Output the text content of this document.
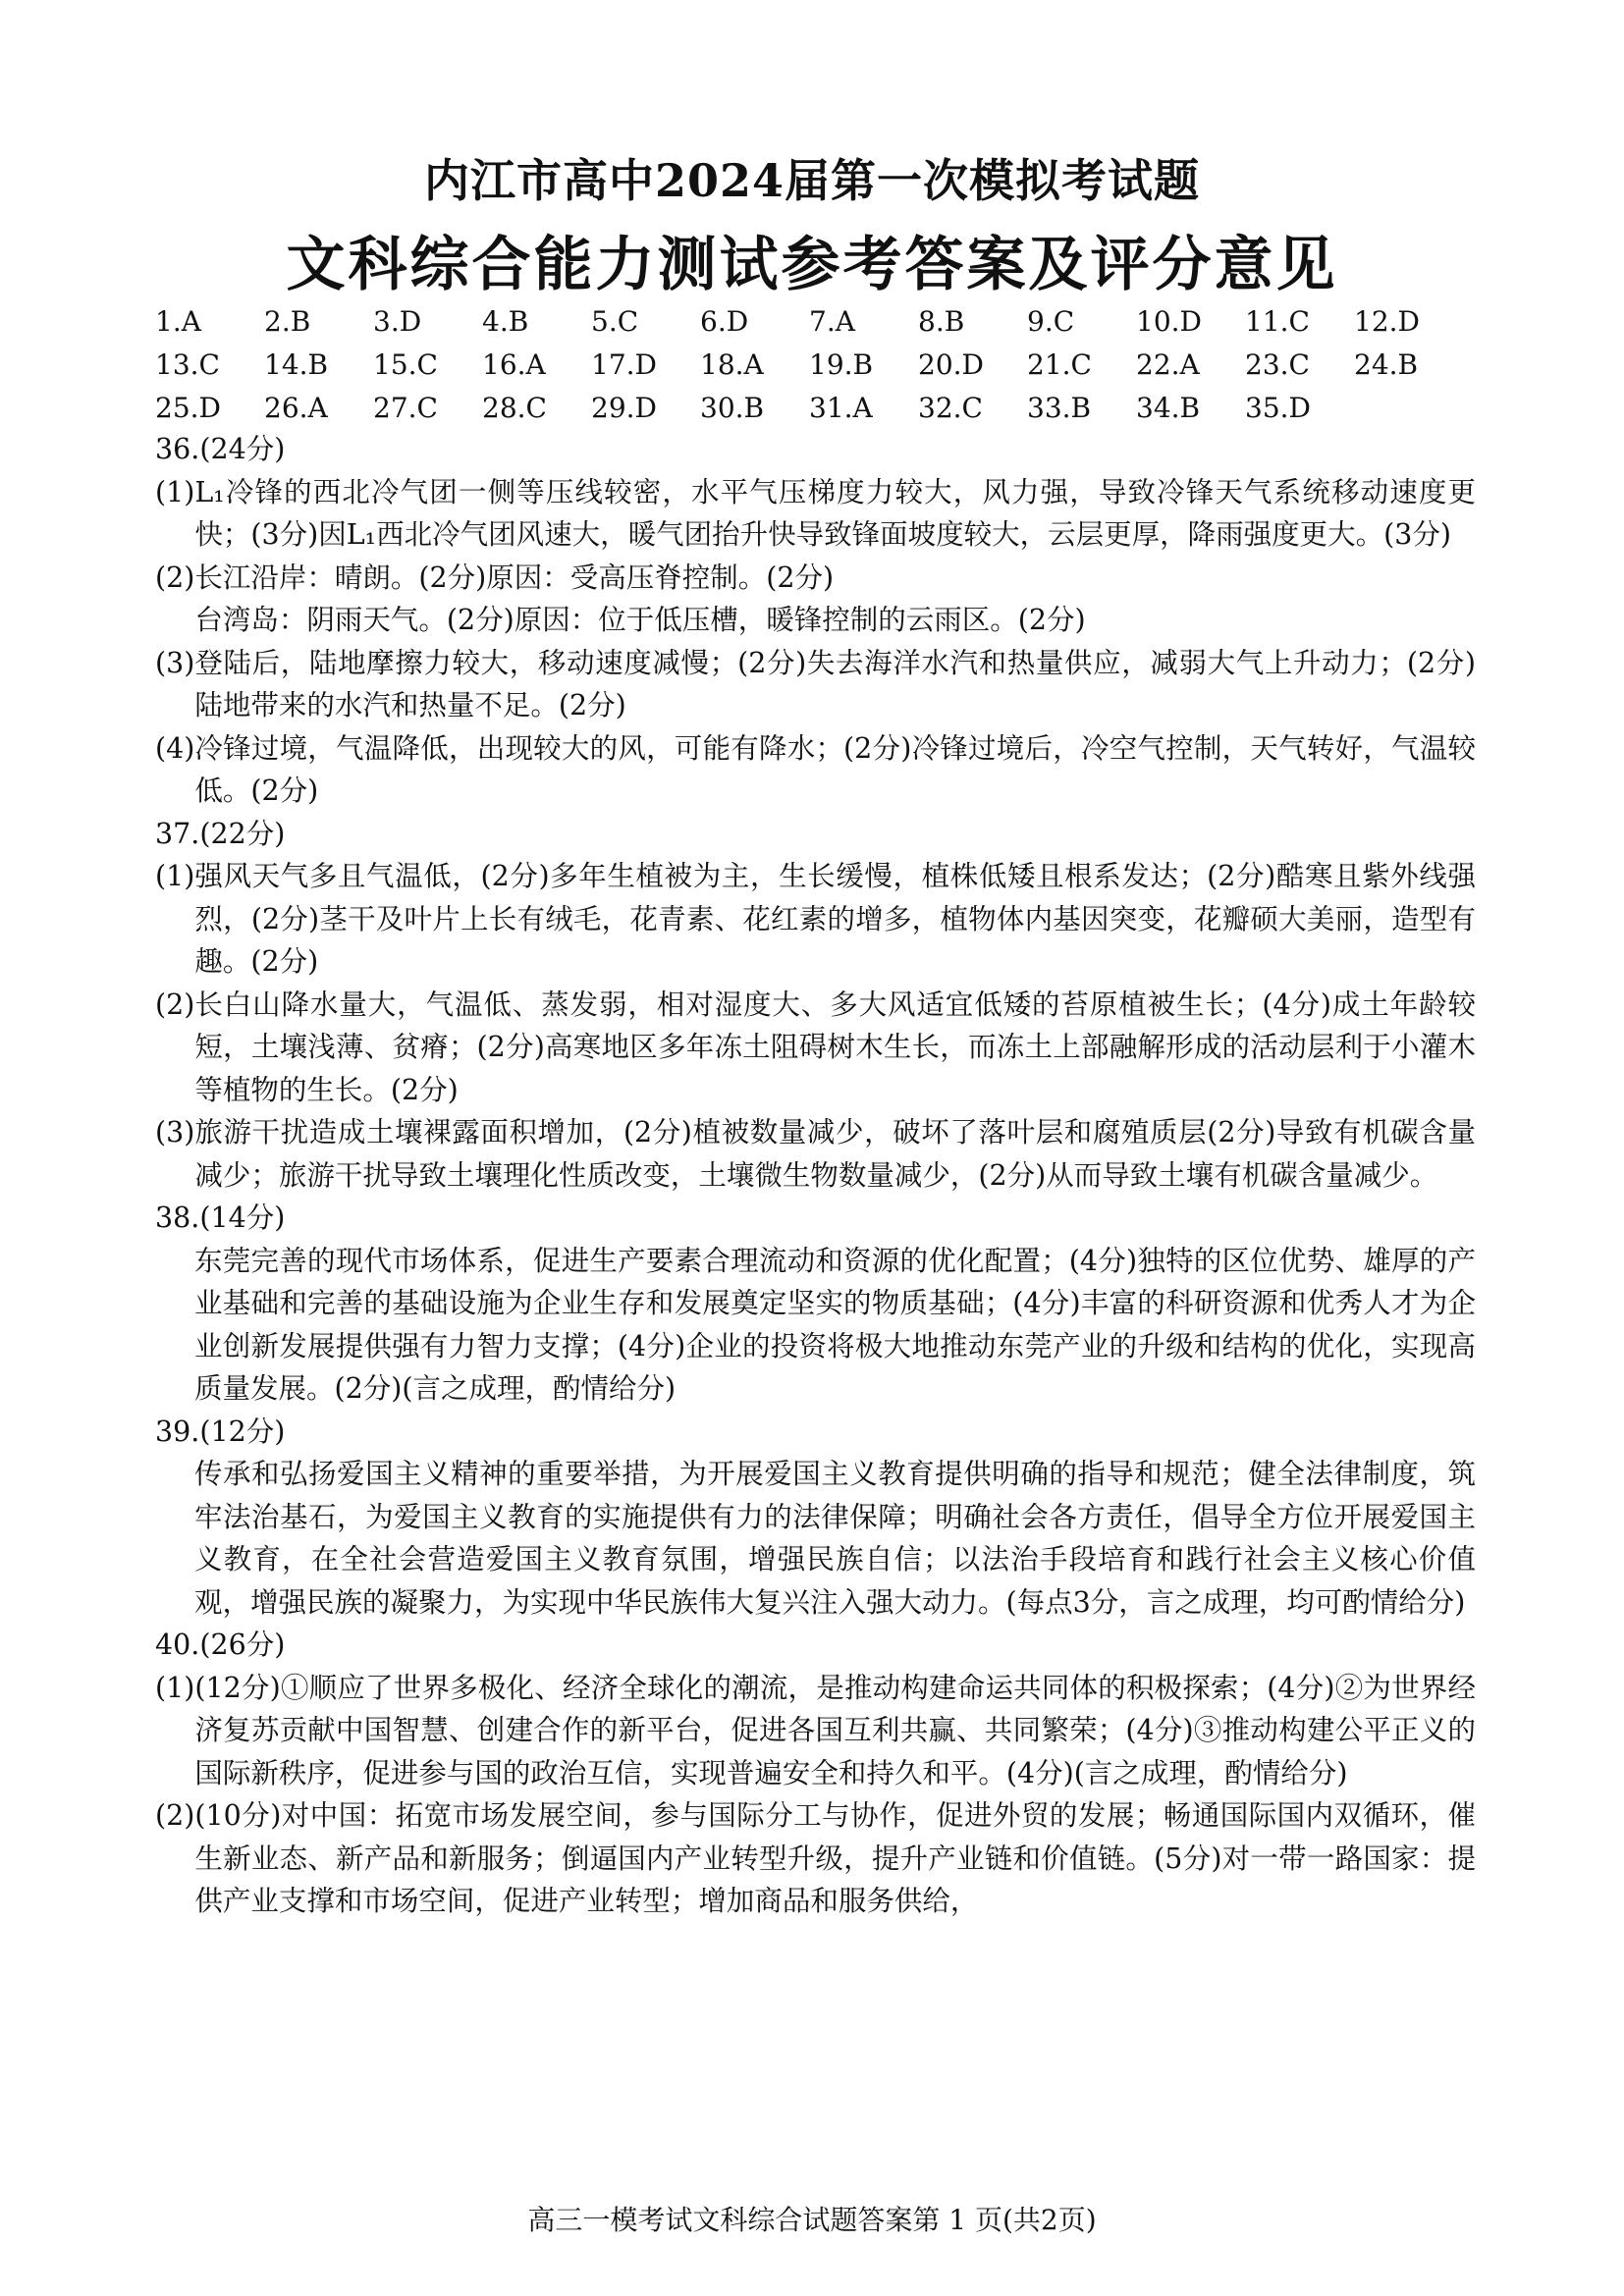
内江市高中2024届第一次模拟考试题
文科综合能力测试参考答案及评分意见
1.A	2.B	3.D	4.B	5.C	6.D	7.A	8.B	9.C	10.D	11.C	12.D
13.C	14.B	15.C	16.A	17.D	18.A	19.B	20.D	21.C	22.A	23.C	24.B
25.D	26.A	27.C	28.C	29.D	30.B	31.A	32.C	33.B	34.B	35.D
36.(24分)
(1) L₁冷锋的西北冷气团一侧等压线较密，水平气压梯度力较大，风力强，导致冷锋天气系统移动速度更快；(3分)因L₁西北冷气团风速大，暖气团抬升快导致锋面坡度较大，云层更厚，降雨强度更大。(3分)
(2) 长江沿岸：晴朗。(2分)原因：受高压脊控制。(2分)
台湾岛：阴雨天气。(2分)原因：位于低压槽，暖锋控制的云雨区。(2分)
(3) 登陆后，陆地摩擦力较大，移动速度减慢；(2分)失去海洋水汽和热量供应，减弱大气上升动力；(2分)陆地带来的水汽和热量不足。(2分)
(4) 冷锋过境，气温降低，出现较大的风，可能有降水；(2分)冷锋过境后，冷空气控制，天气转好，气温较低。(2分)
37.(22分)
(1) 强风天气多且气温低，(2分)多年生植被为主，生长缓慢，植株低矮且根系发达；(2分)酷寒且紫外线强烈，(2分)茎干及叶片上长有绒毛，花青素、花红素的增多，植物体内基因突变，花瓣硕大美丽，造型有趣。(2分)
(2) 长白山降水量大，气温低、蒸发弱，相对湿度大、多大风适宜低矮的苔原植被生长；(4分)成土年龄较短，土壤浅薄、贫瘠；(2分)高寒地区多年冻土阻碍树木生长，而冻土上部融解形成的活动层利于小灌木等植物的生长。(2分)
(3) 旅游干扰造成土壤裸露面积增加，(2分)植被数量减少，破坏了落叶层和腐殖质层(2分)导致有机碳含量减少；旅游干扰导致土壤理化性质改变，土壤微生物数量减少，(2分)从而导致土壤有机碳含量减少。
38.(14分)
东莞完善的现代市场体系，促进生产要素合理流动和资源的优化配置；(4分)独特的区位优势、雄厚的产业基础和完善的基础设施为企业生存和发展奠定坚实的物质基础；(4分)丰富的科研资源和优秀人才为企业创新发展提供强有力智力支撑；(4分)企业的投资将极大地推动东莞产业的升级和结构的优化，实现高质量发展。(2分)(言之成理，酌情给分)
39.(12分)
传承和弘扬爱国主义精神的重要举措，为开展爱国主义教育提供明确的指导和规范；健全法律制度，筑牢法治基石，为爱国主义教育的实施提供有力的法律保障；明确社会各方责任，倡导全方位开展爱国主义教育，在全社会营造爱国主义教育氛围，增强民族自信；以法治手段培育和践行社会主义核心价值观，增强民族的凝聚力，为实现中华民族伟大复兴注入强大动力。(每点3分，言之成理，均可酌情给分)
40.(26分)
(1) (12分)①顺应了世界多极化、经济全球化的潮流，是推动构建命运共同体的积极探索；(4分)②为世界经济复苏贡献中国智慧、创建合作的新平台，促进各国互利共赢、共同繁荣；(4分)③推动构建公平正义的国际新秩序，促进参与国的政治互信，实现普遍安全和持久和平。(4分)(言之成理，酌情给分)
(2) (10分)对中国：拓宽市场发展空间，参与国际分工与协作，促进外贸的发展；畅通国际国内双循环，催生新业态、新产品和新服务；倒逼国内产业转型升级，提升产业链和价值链。(5分)对一带一路国家：提供产业支撑和市场空间，促进产业转型；增加商品和服务供给，
高三一模考试文科综合试题答案第 1 页(共2页)
